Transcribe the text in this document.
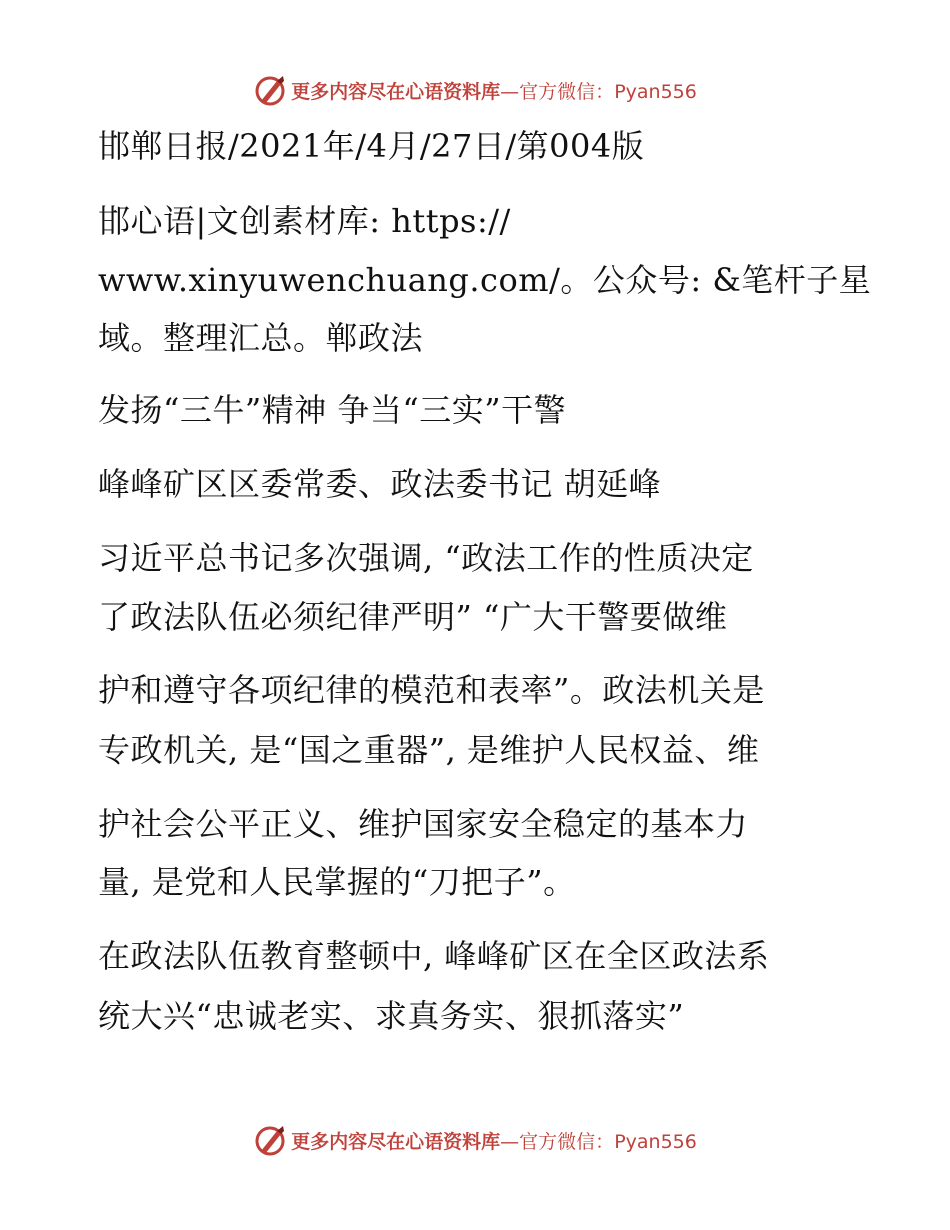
更多内容尽在心语资料库—官方微信：Pyan556
邯郸日报/2021年/4月/27日/第004版
邯心语|文创素材库: https://
www.xinyuwenchuang.com/。公众号: &笔杆子星
域。整理汇总。郸政法
发扬“三牛”精神 争当“三实”干警
峰峰矿区区委常委、政法委书记 胡延峰
习近平总书记多次强调, “政法工作的性质决定
了政法队伍必须纪律严明” “广大干警要做维
护和遵守各项纪律的模范和表率”。政法机关是
专政机关, 是“国之重器”, 是维护人民权益、维
护社会公平正义、维护国家安全稳定的基本力
量, 是党和人民掌握的“刀把子”。
在政法队伍教育整顿中, 峰峰矿区在全区政法系
统大兴“忠诚老实、求真务实、狠抓落实”
更多内容尽在心语资料库—官方微信：Pyan556
